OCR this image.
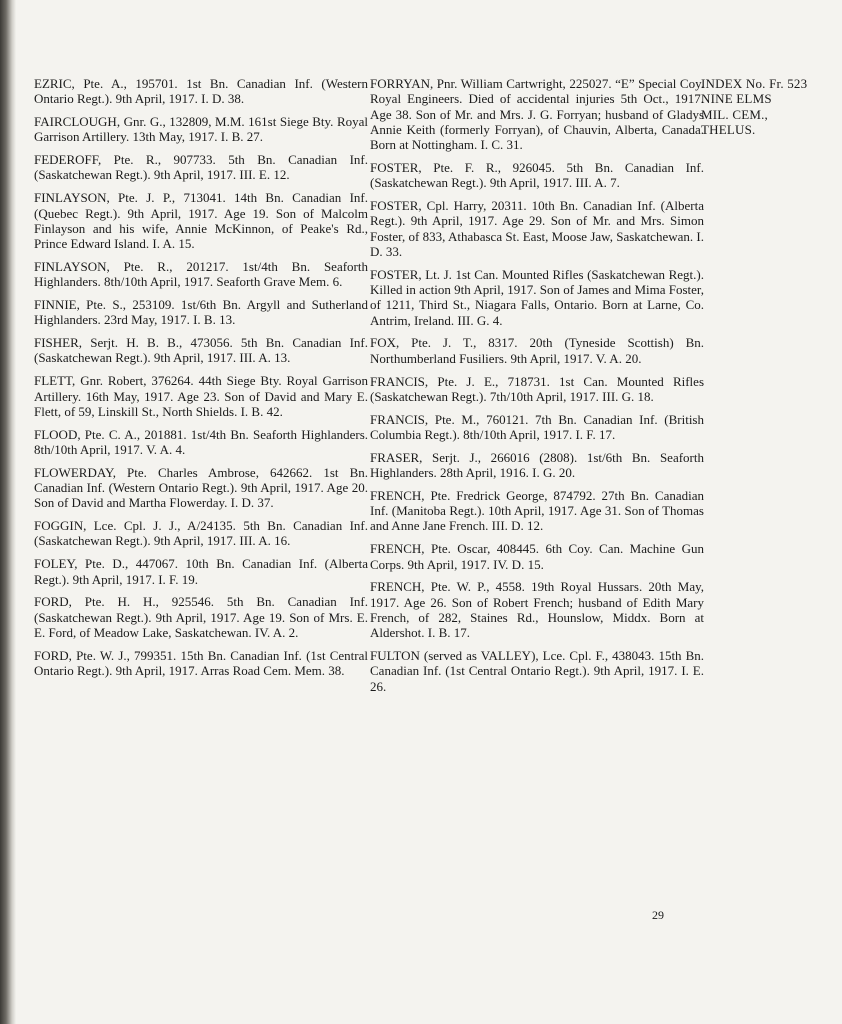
EZRIC, Pte. A., 195701. 1st Bn. Canadian Inf. (Western Ontario Regt.). 9th April, 1917. I. D. 38.

FAIRCLOUGH, Gnr. G., 132809, M.M. 161st Siege Bty. Royal Garrison Artillery. 13th May, 1917. I. B. 27.

FEDEROFF, Pte. R., 907733. 5th Bn. Canadian Inf. (Saskatchewan Regt.). 9th April, 1917. III. E. 12.

FINLAYSON, Pte. J. P., 713041. 14th Bn. Canadian Inf. (Quebec Regt.). 9th April, 1917. Age 19. Son of Malcolm Finlayson and his wife, Annie McKinnon, of Peake's Rd., Prince Edward Island. I. A. 15.

FINLAYSON, Pte. R., 201217. 1st/4th Bn. Seaforth Highlanders. 8th/10th April, 1917. Seaforth Grave Mem. 6.

FINNIE, Pte. S., 253109. 1st/6th Bn. Argyll and Sutherland Highlanders. 23rd May, 1917. I. B. 13.

FISHER, Serjt. H. B. B., 473056. 5th Bn. Canadian Inf. (Saskatchewan Regt.). 9th April, 1917. III. A. 13.

FLETT, Gnr. Robert, 376264. 44th Siege Bty. Royal Garrison Artillery. 16th May, 1917. Age 23. Son of David and Mary E. Flett, of 59, Linskill St., North Shields. I. B. 42.

FLOOD, Pte. C. A., 201881. 1st/4th Bn. Seaforth Highlanders. 8th/10th April, 1917. V. A. 4.

FLOWERDAY, Pte. Charles Ambrose, 642662. 1st Bn. Canadian Inf. (Western Ontario Regt.). 9th April, 1917. Age 20. Son of David and Martha Flowerday. I. D. 37.

FOGGIN, Lce. Cpl. J. J., A/24135. 5th Bn. Canadian Inf. (Saskatchewan Regt.). 9th April, 1917. III. A. 16.

FOLEY, Pte. D., 447067. 10th Bn. Canadian Inf. (Alberta Regt.). 9th April, 1917. I. F. 19.

FORD, Pte. H. H., 925546. 5th Bn. Canadian Inf. (Saskatchewan Regt.). 9th April, 1917. Age 19. Son of Mrs. E. E. Ford, of Meadow Lake, Saskatchewan. IV. A. 2.

FORD, Pte. W. J., 799351. 15th Bn. Canadian Inf. (1st Central Ontario Regt.). 9th April, 1917. Arras Road Cem. Mem. 38.

FORRYAN, Pnr. William Cartwright, 225027. “E” Special Coy. Royal Engineers. Died of accidental injuries 5th Oct., 1917. Age 38. Son of Mr. and Mrs. J. G. Forryan; husband of Gladys Annie Keith (formerly Forryan), of Chauvin, Alberta, Canada. Born at Nottingham. I. C. 31.

FOSTER, Pte. F. R., 926045. 5th Bn. Canadian Inf. (Saskatchewan Regt.). 9th April, 1917. III. A. 7.

FOSTER, Cpl. Harry, 20311. 10th Bn. Canadian Inf. (Alberta Regt.). 9th April, 1917. Age 29. Son of Mr. and Mrs. Simon Foster, of 833, Athabasca St. East, Moose Jaw, Saskatchewan. I. D. 33.

FOSTER, Lt. J. 1st Can. Mounted Rifles (Saskatchewan Regt.). Killed in action 9th April, 1917. Son of James and Mima Foster, of 1211, Third St., Niagara Falls, Ontario. Born at Larne, Co. Antrim, Ireland. III. G. 4.

FOX, Pte. J. T., 8317. 20th (Tyneside Scottish) Bn. Northumberland Fusiliers. 9th April, 1917. V. A. 20.

FRANCIS, Pte. J. E., 718731. 1st Can. Mounted Rifles (Saskatchewan Regt.). 7th/10th April, 1917. III. G. 18.

FRANCIS, Pte. M., 760121. 7th Bn. Canadian Inf. (British Columbia Regt.). 8th/10th April, 1917. I. F. 17.

FRASER, Serjt. J., 266016 (2808). 1st/6th Bn. Seaforth Highlanders. 28th April, 1916. I. G. 20.

FRENCH, Pte. Fredrick George, 874792. 27th Bn. Canadian Inf. (Manitoba Regt.). 10th April, 1917. Age 31. Son of Thomas and Anne Jane French. III. D. 12.

FRENCH, Pte. Oscar, 408445. 6th Coy. Can. Machine Gun Corps. 9th April, 1917. IV. D. 15.

FRENCH, Pte. W. P., 4558. 19th Royal Hussars. 20th May, 1917. Age 26. Son of Robert French; husband of Edith Mary French, of 282, Staines Rd., Hounslow, Middx. Born at Aldershot. I. B. 17.

FULTON (served as VALLEY), Lce. Cpl. F., 438043. 15th Bn. Canadian Inf. (1st Central Ontario Regt.). 9th April, 1917. I. E. 26.

INDEX No. Fr. 523

NINE ELMS

MIL. CEM.,

THELUS.

29
